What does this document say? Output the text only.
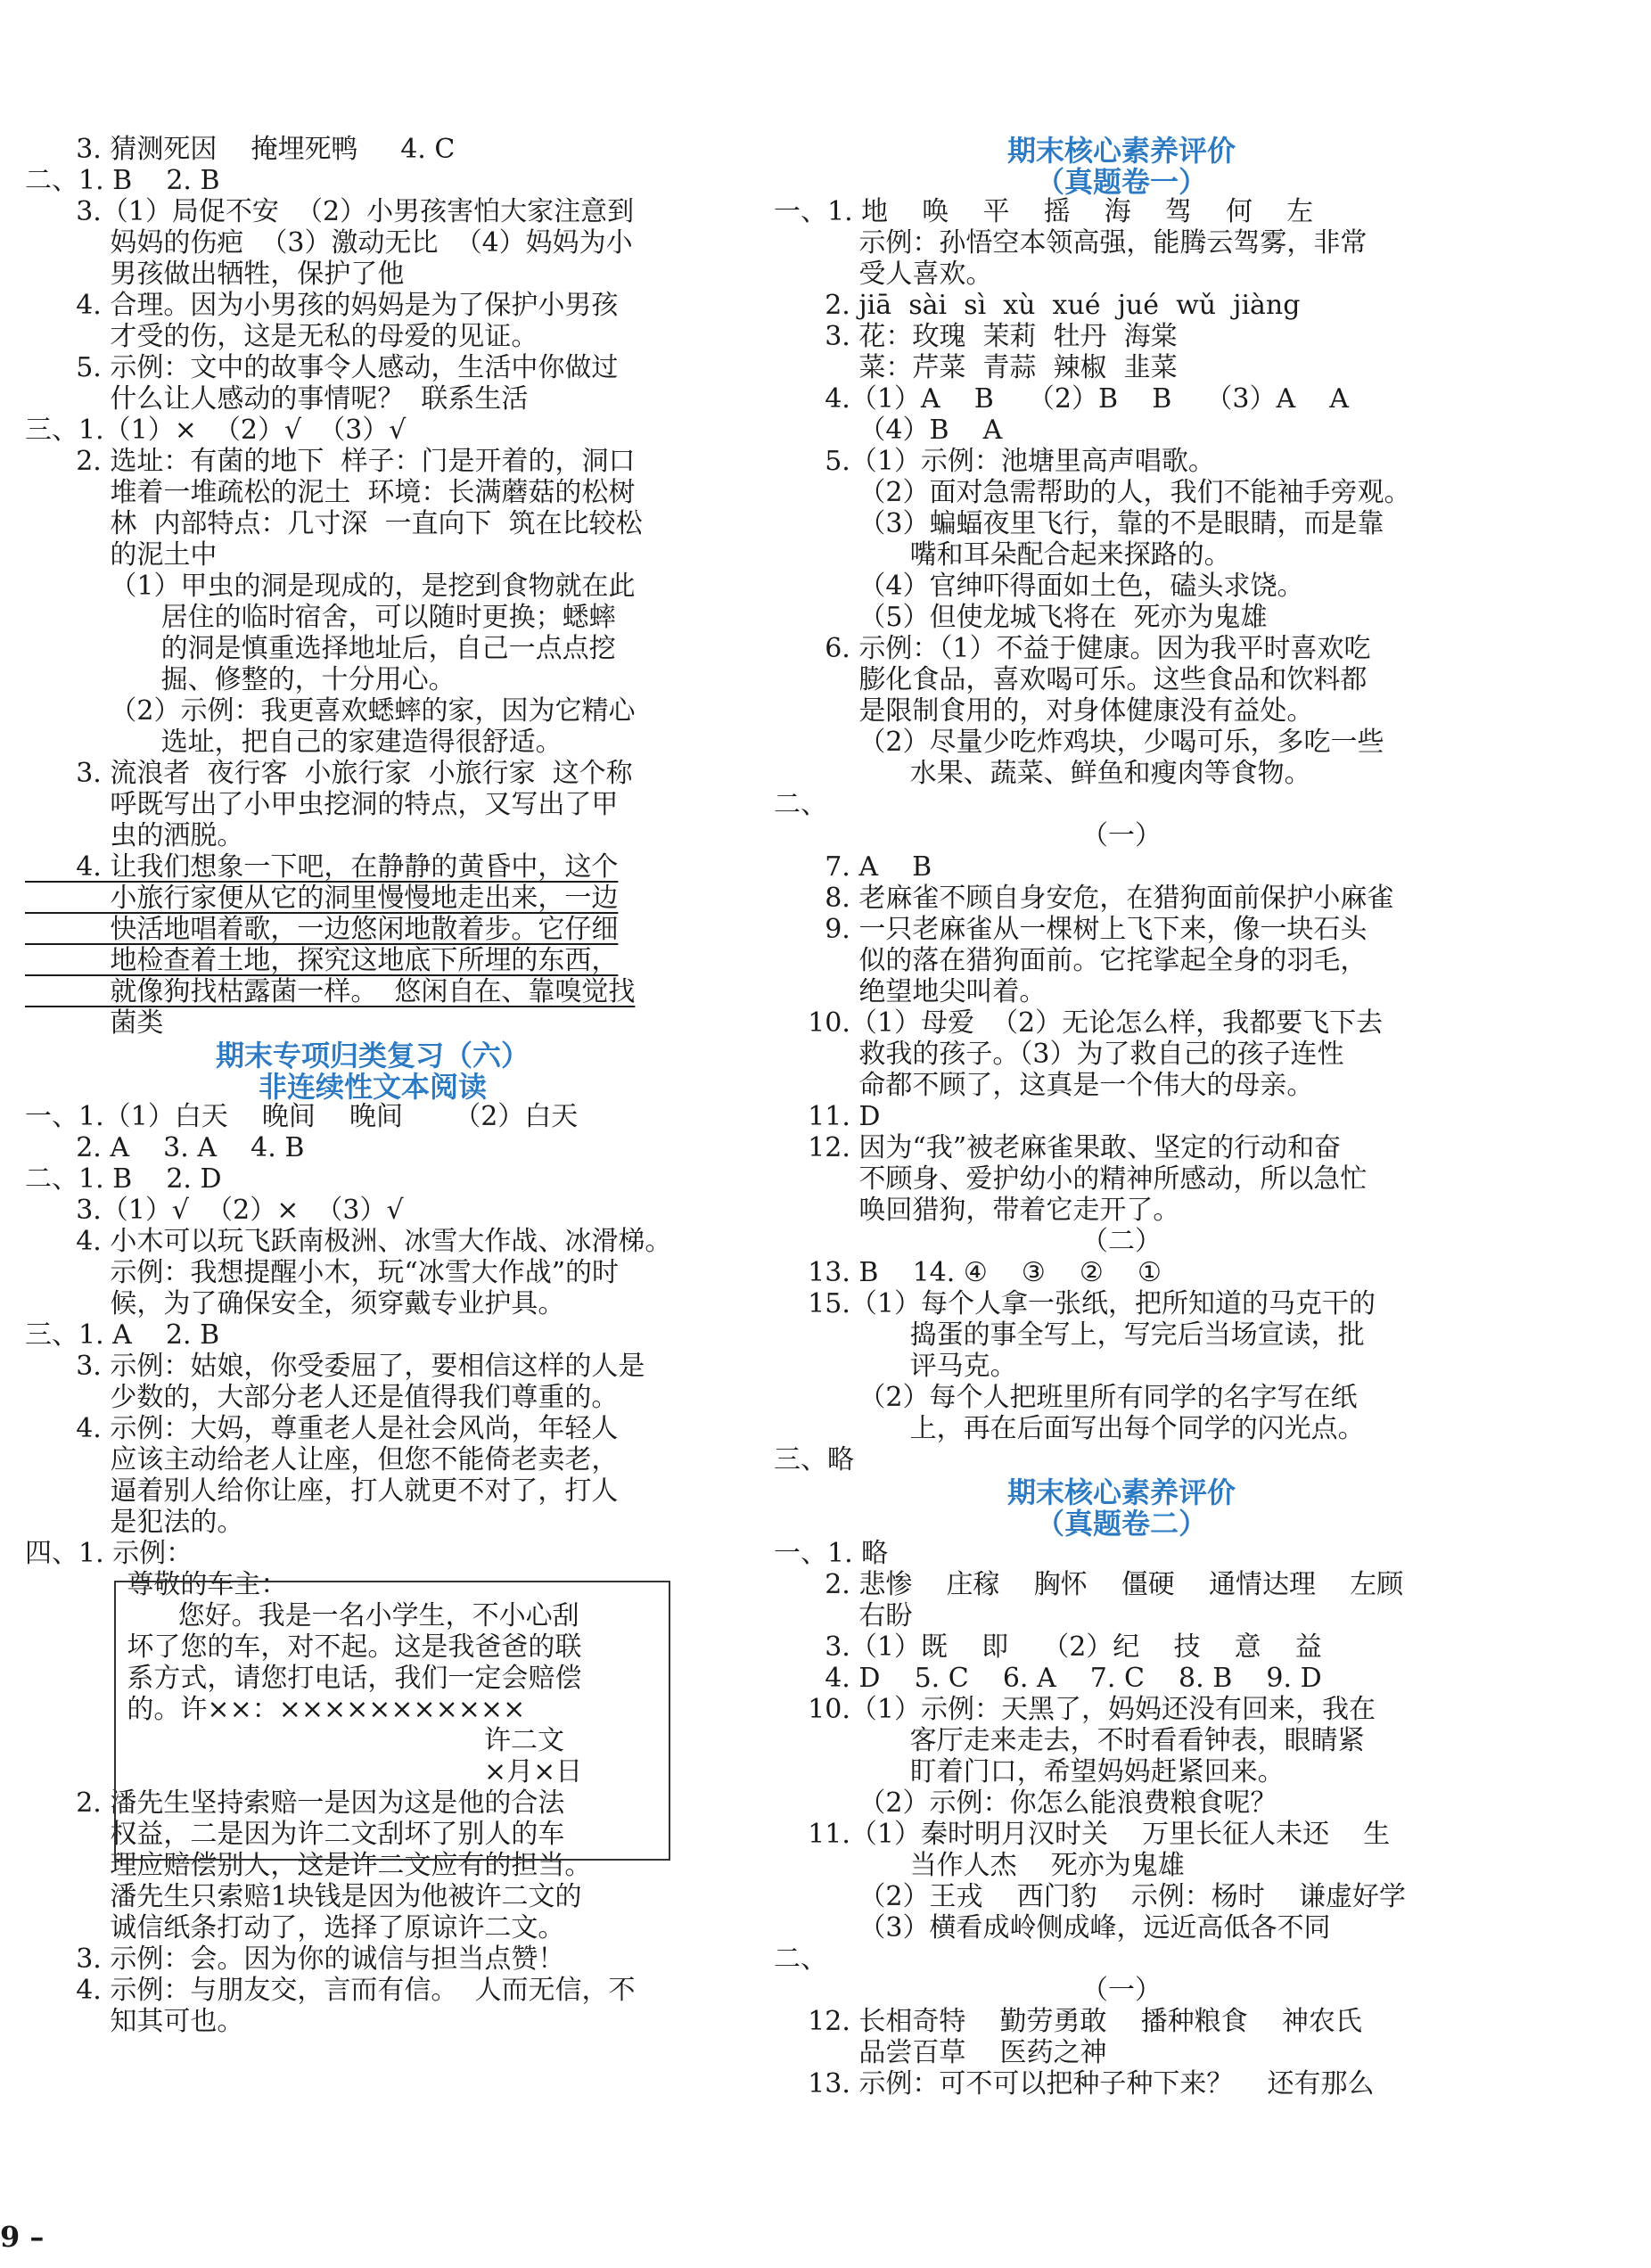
3. 猜测死因    掩埋死鸭     4. C
二、1. B    2. B
3.（1）局促不安  （2）小男孩害怕大家注意到
妈妈的伤疤  （3）激动无比  （4）妈妈为小
男孩做出牺牲，保护了他
4. 合理。因为小男孩的妈妈是为了保护小男孩
才受的伤，这是无私的母爱的见证。
5. 示例：文中的故事令人感动，生活中你做过
什么让人感动的事情呢？  联系生活
三、1.（1）×  （2）√  （3）√
2. 选址：有菌的地下  样子：门是开着的，洞口
堆着一堆疏松的泥土  环境：长满蘑菇的松树
林  内部特点：几寸深  一直向下  筑在比较松
的泥土中
（1）甲虫的洞是现成的，是挖到食物就在此
居住的临时宿舍，可以随时更换；蟋蟀
的洞是慎重选择地址后，自己一点点挖
掘、修整的，十分用心。
（2）示例：我更喜欢蟋蟀的家，因为它精心
选址，把自己的家建造得很舒适。
3. 流浪者  夜行客  小旅行家  小旅行家  这个称
呼既写出了小甲虫挖洞的特点，又写出了甲
虫的洒脱。
4. 让我们想象一下吧，在静静的黄昏中，这个
小旅行家便从它的洞里慢慢地走出来，一边
快活地唱着歌，一边悠闲地散着步。它仔细
地检查着土地，探究这地底下所埋的东西，
就像狗找枯露菌一样。  悠闲自在、靠嗅觉找
菌类
期末专项归类复习（六）
非连续性文本阅读
一、1.（1）白天    晚间    晚间      （2）白天
2. A    3. A    4. B
二、1. B    2. D
3.（1）√  （2）×  （3）√
4. 小木可以玩飞跃南极洲、冰雪大作战、冰滑梯。
示例：我想提醒小木，玩“冰雪大作战”的时
候，为了确保安全，须穿戴专业护具。
三、1. A    2. B
3. 示例：姑娘，你受委屈了，要相信这样的人是
少数的，大部分老人还是值得我们尊重的。
4. 示例：大妈，尊重老人是社会风尚，年轻人
应该主动给老人让座，但您不能倚老卖老，
逼着别人给你让座，打人就更不对了，打人
是犯法的。
四、1. 示例：
尊敬的车主：
您好。我是一名小学生，不小心刮
坏了您的车，对不起。这是我爸爸的联
系方式，请您打电话，我们一定会赔偿
的。许××：×××××××××××
许二文
×月×日
2. 潘先生坚持索赔一是因为这是他的合法
权益，二是因为许二文刮坏了别人的车
理应赔偿别人，这是许二文应有的担当。
潘先生只索赔1块钱是因为他被许二文的
诚信纸条打动了，选择了原谅许二文。
3. 示例：会。因为你的诚信与担当点赞！
4. 示例：与朋友交，言而有信。  人而无信，不
知其可也。
期末核心素养评价
（真题卷一）
一、1. 地    唤    平    摇    海    驾    何    左
示例：孙悟空本领高强，能腾云驾雾，非常
受人喜欢。
2. jiā  sài  sì  xù  xué  jué  wǔ  jiàng
3. 花：玫瑰  茉莉  牡丹  海棠
菜：芹菜  青蒜  辣椒  韭菜
4.（1）A    B    （2）B    B    （3）A    A
（4）B    A
5.（1）示例：池塘里高声唱歌。
（2）面对急需帮助的人，我们不能袖手旁观。
（3）蝙蝠夜里飞行，靠的不是眼睛，而是靠
嘴和耳朵配合起来探路的。
（4）官绅吓得面如土色，磕头求饶。
（5）但使龙城飞将在  死亦为鬼雄
6. 示例：（1）不益于健康。因为我平时喜欢吃
膨化食品，喜欢喝可乐。这些食品和饮料都
是限制食用的，对身体健康没有益处。
（2）尽量少吃炸鸡块，少喝可乐，多吃一些
水果、蔬菜、鲜鱼和瘦肉等食物。
二、
（一）
7. A    B
8. 老麻雀不顾自身安危，在猎狗面前保护小麻雀
9. 一只老麻雀从一棵树上飞下来，像一块石头
似的落在猎狗面前。它挓挲起全身的羽毛，
绝望地尖叫着。
10.（1）母爱  （2）无论怎么样，我都要飞下去
救我的孩子。（3）为了救自己的孩子连性
命都不顾了，这真是一个伟大的母亲。
11. D
12. 因为“我”被老麻雀果敢、坚定的行动和奋
不顾身、爱护幼小的精神所感动，所以急忙
唤回猎狗，带着它走开了。
（二）
13. B    14. ④    ③    ②    ①
15.（1）每个人拿一张纸，把所知道的马克干的
捣蛋的事全写上，写完后当场宣读，批
评马克。
（2）每个人把班里所有同学的名字写在纸
上，再在后面写出每个同学的闪光点。
三、略
期末核心素养评价
（真题卷二）
一、1. 略
2. 悲惨    庄稼    胸怀    僵硬    通情达理    左顾
右盼
3.（1）既    即    （2）纪    技    意    益
4. D    5. C    6. A    7. C    8. B    9. D
10.（1）示例：天黑了，妈妈还没有回来，我在
客厅走来走去，不时看看钟表，眼睛紧
盯着门口，希望妈妈赶紧回来。
（2）示例：你怎么能浪费粮食呢？
11.（1）秦时明月汉时关    万里长征人未还    生
当作人杰    死亦为鬼雄
（2）王戎    西门豹    示例：杨时    谦虚好学
（3）横看成岭侧成峰，远近高低各不同
二、
（一）
12. 长相奇特    勤劳勇敢    播种粮食    神农氏
品尝百草    医药之神
13. 示例：可不可以把种子种下来？    还有那么
9 –
